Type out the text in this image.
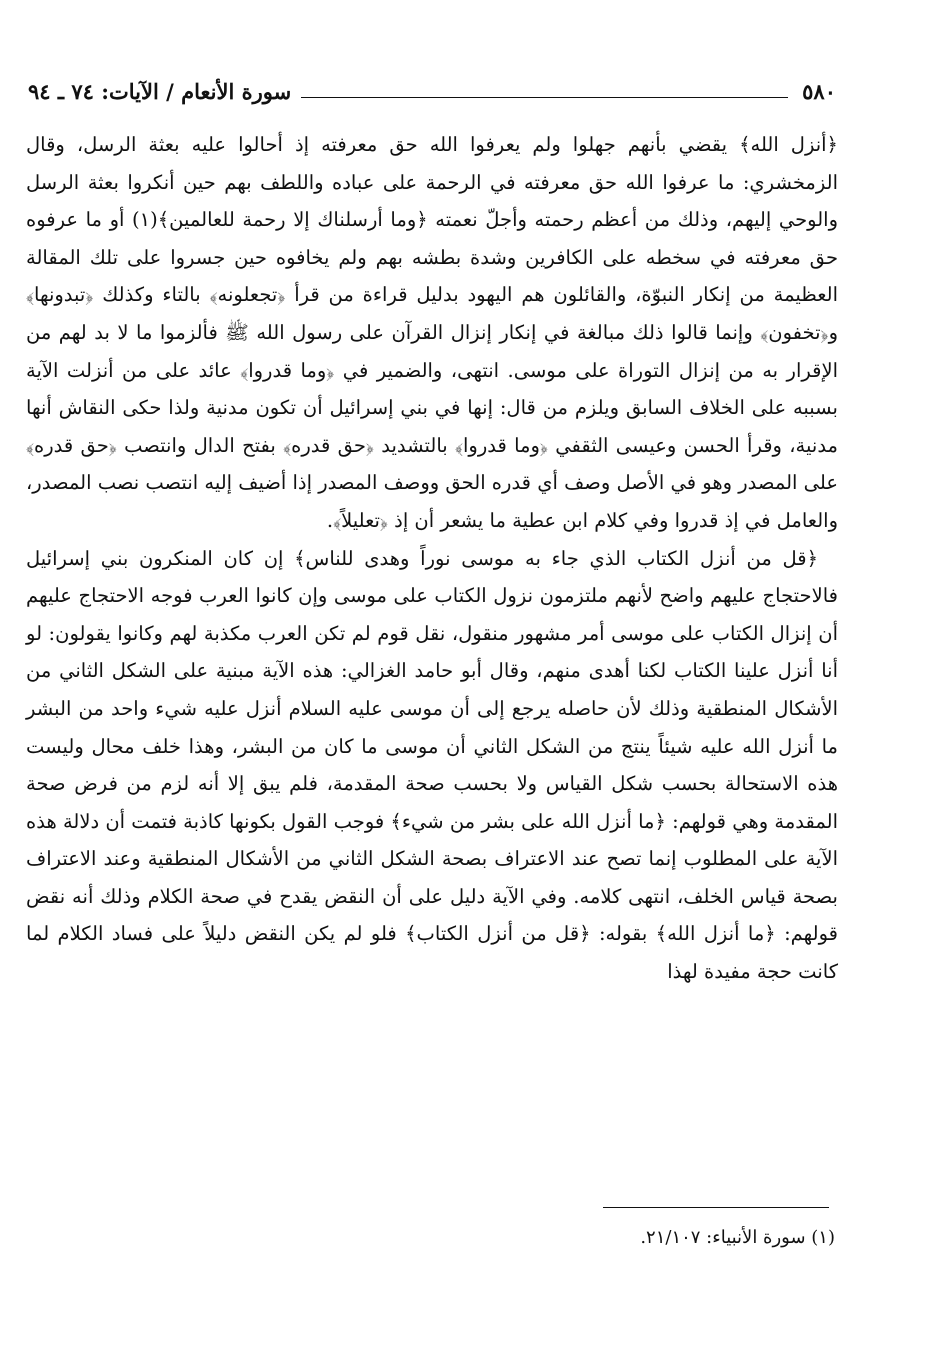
٥٨٠
سورة الأنعام / الآيات: ٧٤ ـ ٩٤

﴿أنزل الله﴾ يقضي بأنهم جهلوا ولم يعرفوا الله حق معرفته إذ أحالوا عليه بعثة الرسل، وقال الزمخشري: ما عرفوا الله حق معرفته في الرحمة على عباده واللطف بهم حين أنكروا بعثة الرسل والوحي إليهم، وذلك من أعظم رحمته وأجلّ نعمته ﴿وما أرسلناك إلا رحمة للعالمين﴾(١) أو ما عرفوه حق معرفته في سخطه على الكافرين وشدة بطشه بهم ولم يخافوه حين جسروا على تلك المقالة العظيمة من إنكار النبوّة، والقائلون هم اليهود بدليل قراءة من قرأ ﴿تجعلونه﴾ بالتاء وكذلك ﴿تبدونها﴾ و﴿تخفون﴾ وإنما قالوا ذلك مبالغة في إنكار إنزال القرآن على رسول الله ﷺ فألزموا ما لا بد لهم من الإقرار به من إنزال التوراة على موسى. انتهى، والضمير في ﴿وما قدروا﴾ عائد على من أنزلت الآية بسببه على الخلاف السابق ويلزم من قال: إنها في بني إسرائيل أن تكون مدنية ولذا حكى النقاش أنها مدنية، وقرأ الحسن وعيسى الثقفي ﴿وما قدروا﴾ بالتشديد ﴿حق قدره﴾ بفتح الدال وانتصب ﴿حق قدره﴾ على المصدر وهو في الأصل وصف أي قدره الحق ووصف المصدر إذا أضيف إليه انتصب نصب المصدر، والعامل في إذ قدروا وفي كلام ابن عطية ما يشعر أن إذ ﴿تعليلاً﴾.

﴿قل من أنزل الكتاب الذي جاء به موسى نوراً وهدى للناس﴾ إن كان المنكرون بني إسرائيل فالاحتجاج عليهم واضح لأنهم ملتزمون نزول الكتاب على موسى وإن كانوا العرب فوجه الاحتجاج عليهم أن إنزال الكتاب على موسى أمر مشهور منقول، نقل قوم لم تكن العرب مكذبة لهم وكانوا يقولون: لو أنا أنزل علينا الكتاب لكنا أهدى منهم، وقال أبو حامد الغزالي: هذه الآية مبنية على الشكل الثاني من الأشكال المنطقية وذلك لأن حاصله يرجع إلى أن موسى عليه السلام أنزل عليه شيء واحد من البشر ما أنزل الله عليه شيئاً ينتج من الشكل الثاني أن موسى ما كان من البشر، وهذا خلف محال وليست هذه الاستحالة بحسب شكل القياس ولا بحسب صحة المقدمة، فلم يبق إلا أنه لزم من فرض صحة المقدمة وهي قولهم: ﴿ما أنزل الله على بشر من شيء﴾ فوجب القول بكونها كاذبة فتمت أن دلالة هذه الآية على المطلوب إنما تصح عند الاعتراف بصحة الشكل الثاني من الأشكال المنطقية وعند الاعتراف بصحة قياس الخلف، انتهى كلامه. وفي الآية دليل على أن النقض يقدح في صحة الكلام وذلك أنه نقض قولهم: ﴿ما أنزل الله﴾ بقوله: ﴿قل من أنزل الكتاب﴾ فلو لم يكن النقض دليلاً على فساد الكلام لما كانت حجة مفيدة لهذا

(١) سورة الأنبياء: ٢١/١٠٧.
